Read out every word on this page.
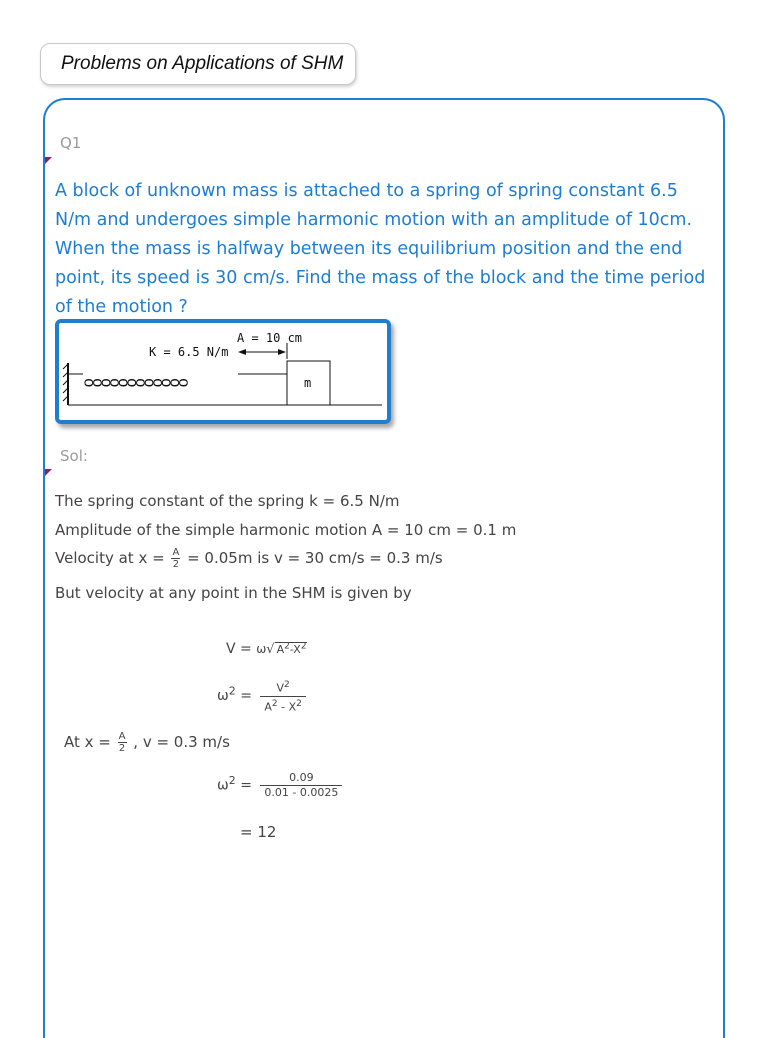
Problems on Applications of SHM
Q1
A block of unknown mass is attached to a spring of spring constant 6.5 N/m and undergoes simple harmonic motion with an amplitude of 10cm. When the mass is halfway between its equilibrium position and the end point, its speed is 30 cm/s. Find the mass of the block and the time period of the motion ?
ᴑᴑᴑᴑᴑᴑᴑᴑᴑᴑᴑᴑ
A = 10 cm
K = 6.5 N/m
m
Sol:
The spring constant of the spring k = 6.5 N/m
Amplitude of the simple harmonic motion A = 10 cm = 0.1 m
Velocity at $x = \frac{A}{2} = 0.05m$ is v = 30 cm/s = 0.3 m/s
But velocity at any point in the SHM is given by
V = ω√ $A^2-X^2$
$\omega^2 = \frac{V^2}{A^2 - X^2}$
At $x = \frac{A}{2}$ , v = 0.3 m/s
$\omega^2 = \frac{0.09}{0.01 - 0.0025}$
= 12
